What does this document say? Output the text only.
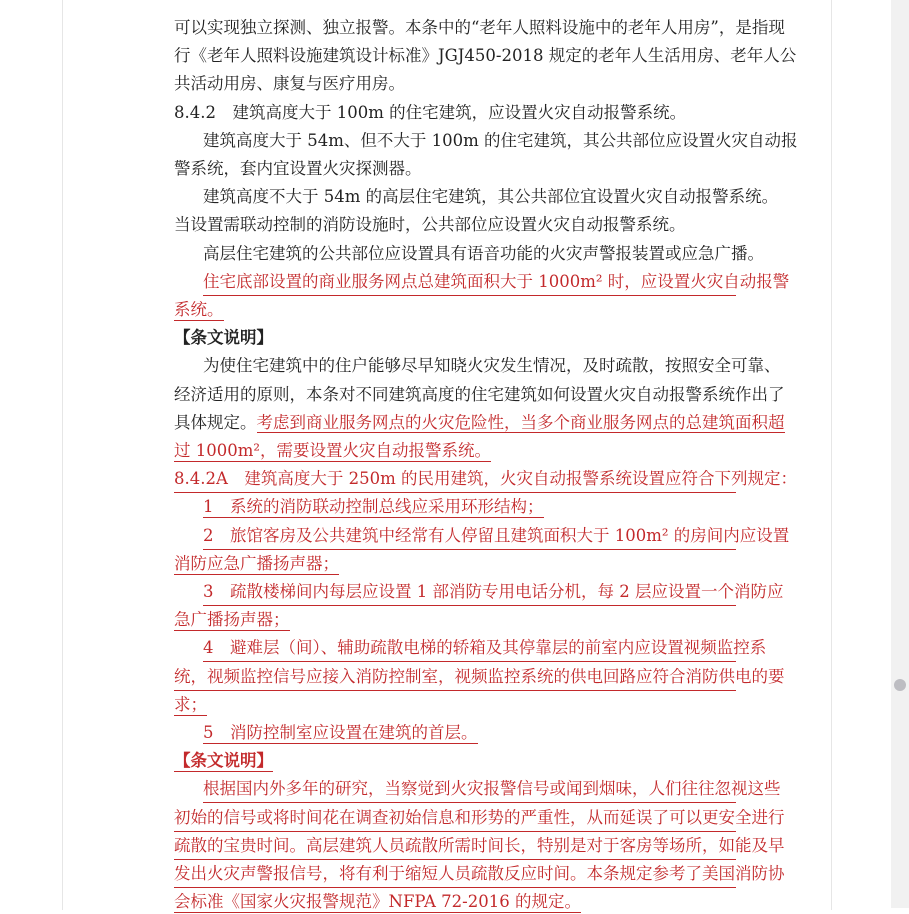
可以实现独立探测、独立报警。本条中的“老年人照料设施中的老年人用房”，是指现
行《老年人照料设施建筑设计标准》JGJ450-2018 规定的老年人生活用房、老年人公
共活动用房、康复与医疗用房。
8.4.2　建筑高度大于 100m 的住宅建筑，应设置火灾自动报警系统。
建筑高度大于 54m、但不大于 100m 的住宅建筑，其公共部位应设置火灾自动报
警系统，套内宜设置火灾探测器。
建筑高度不大于 54m 的高层住宅建筑，其公共部位宜设置火灾自动报警系统。
当设置需联动控制的消防设施时，公共部位应设置火灾自动报警系统。
高层住宅建筑的公共部位应设置具有语音功能的火灾声警报装置或应急广播。
住宅底部设置的商业服务网点总建筑面积大于 1000m² 时，应设置火灾自动报警
系统。
【条文说明】
为使住宅建筑中的住户能够尽早知晓火灾发生情况，及时疏散，按照安全可靠、
经济适用的原则，本条对不同建筑高度的住宅建筑如何设置火灾自动报警系统作出了
具体规定。考虑到商业服务网点的火灾危险性，当多个商业服务网点的总建筑面积超
过 1000m²，需要设置火灾自动报警系统。
8.4.2A　建筑高度大于 250m 的民用建筑，火灾自动报警系统设置应符合下列规定：
1　系统的消防联动控制总线应采用环形结构；
2　旅馆客房及公共建筑中经常有人停留且建筑面积大于 100m² 的房间内应设置
消防应急广播扬声器；
3　疏散楼梯间内每层应设置 1 部消防专用电话分机，每 2 层应设置一个消防应
急广播扬声器；
4　避难层（间）、辅助疏散电梯的轿箱及其停靠层的前室内应设置视频监控系
统，视频监控信号应接入消防控制室，视频监控系统的供电回路应符合消防供电的要
求；
5　消防控制室应设置在建筑的首层。
【条文说明】
根据国内外多年的研究，当察觉到火灾报警信号或闻到烟味，人们往往忽视这些
初始的信号或将时间花在调查初始信息和形势的严重性，从而延误了可以更安全进行
疏散的宝贵时间。高层建筑人员疏散所需时间长，特别是对于客房等场所，如能及早
发出火灾声警报信号，将有利于缩短人员疏散反应时间。本条规定参考了美国消防协
会标准《国家火灾报警规范》NFPA 72-2016 的规定。
